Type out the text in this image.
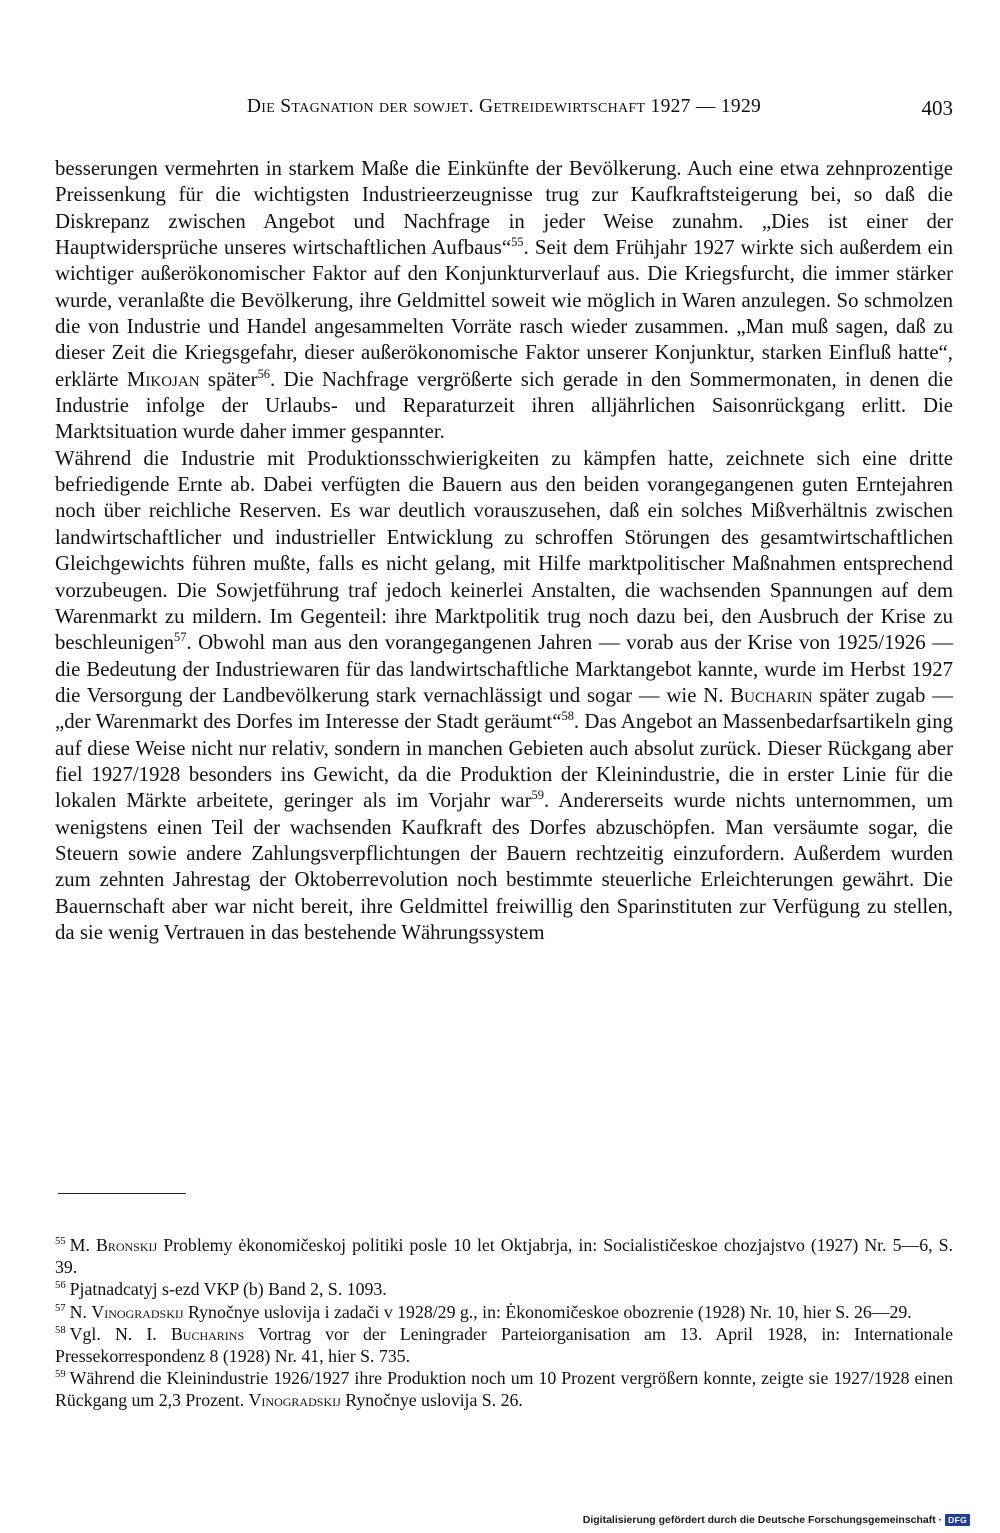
Die Stagnation der sowjet. Getreidewirtschaft 1927 — 1929	403

besserungen vermehrten in starkem Maße die Einkünfte der Bevölkerung. Auch eine etwa zehnprozentige Preissenkung für die wichtigsten Industrieerzeugnisse trug zur Kaufkraftsteigerung bei, so daß die Diskrepanz zwischen Angebot und Nachfrage in jeder Weise zunahm. „Dies ist einer der Hauptwidersprüche unseres wirtschaftlichen Aufbaus“$^{55}$. Seit dem Frühjahr 1927 wirkte sich außerdem ein wichtiger außerökonomischer Faktor auf den Konjunkturverlauf aus. Die Kriegsfurcht, die immer stärker wurde, veranlaßte die Bevölkerung, ihre Geldmittel soweit wie möglich in Waren anzulegen. So schmolzen die von Industrie und Handel angesammelten Vorräte rasch wieder zusammen. „Man muß sagen, daß zu dieser Zeit die Kriegsgefahr, dieser außerökonomische Faktor unserer Konjunktur, starken Einfluß hatte“, erklärte Mikojan später$^{56}$. Die Nachfrage vergrößerte sich gerade in den Sommermonaten, in denen die Industrie infolge der Urlaubs- und Reparaturzeit ihren alljährlichen Saisonrückgang erlitt. Die Marktsituation wurde daher immer gespannter.

Während die Industrie mit Produktionsschwierigkeiten zu kämpfen hatte, zeichnete sich eine dritte befriedigende Ernte ab. Dabei verfügten die Bauern aus den beiden vorangegangenen guten Erntejahren noch über reichliche Reserven. Es war deutlich vorauszusehen, daß ein solches Mißverhältnis zwischen landwirtschaftlicher und industrieller Entwicklung zu schroffen Störungen des gesamtwirtschaftlichen Gleichgewichts führen mußte, falls es nicht gelang, mit Hilfe marktpolitischer Maßnahmen entsprechend vorzubeugen. Die Sowjetführung traf jedoch keinerlei Anstalten, die wachsenden Spannungen auf dem Warenmarkt zu mildern. Im Gegenteil: ihre Marktpolitik trug noch dazu bei, den Ausbruch der Krise zu beschleunigen$^{57}$. Obwohl man aus den vorangegangenen Jahren — vorab aus der Krise von 1925/1926 — die Bedeutung der Industriewaren für das landwirtschaftliche Marktangebot kannte, wurde im Herbst 1927 die Versorgung der Landbevölkerung stark vernachlässigt und sogar — wie N. Bucharin später zugab — „der Warenmarkt des Dorfes im Interesse der Stadt geräumt“$^{58}$. Das Angebot an Massenbedarfsartikeln ging auf diese Weise nicht nur relativ, sondern in manchen Gebieten auch absolut zurück. Dieser Rückgang aber fiel 1927/1928 besonders ins Gewicht, da die Produktion der Kleinindustrie, die in erster Linie für die lokalen Märkte arbeitete, geringer als im Vorjahr war$^{59}$. Andererseits wurde nichts unternommen, um wenigstens einen Teil der wachsenden Kaufkraft des Dorfes abzuschöpfen. Man versäumte sogar, die Steuern sowie andere Zahlungsverpflichtungen der Bauern rechtzeitig einzufordern. Außerdem wurden zum zehnten Jahrestag der Oktoberrevolution noch bestimmte steuerliche Erleichterungen gewährt. Die Bauernschaft aber war nicht bereit, ihre Geldmittel freiwillig den Sparinstituten zur Verfügung zu stellen, da sie wenig Vertrauen in das bestehende Währungssystem

$^{55}$ M. Bronskij Problemy ėkonomičeskoj politiki posle 10 let Oktjabrja, in: Socialističeskoe chozjajstvo (1927) Nr. 5—6, S. 39.

$^{56}$ Pjatnadcatyj s-ezd VKP (b) Band 2, S. 1093.

$^{57}$ N. Vinogradskij Rynočnye uslovija i zadači v 1928/29 g., in: Ėkonomičeskoe obozrenie (1928) Nr. 10, hier S. 26—29.

$^{58}$ Vgl. N. I. Bucharins Vortrag vor der Leningrader Parteiorganisation am 13. April 1928, in: Internationale Pressekorrespondenz 8 (1928) Nr. 41, hier S. 735.

$^{59}$ Während die Kleinindustrie 1926/1927 ihre Produktion noch um 10 Prozent vergrößern konnte, zeigte sie 1927/1928 einen Rückgang um 2,3 Prozent. Vinogradskij Rynočnye uslovija S. 26.

Digitalisierung gefördert durch die Deutsche Forschungsgemeinschaft · DFG
